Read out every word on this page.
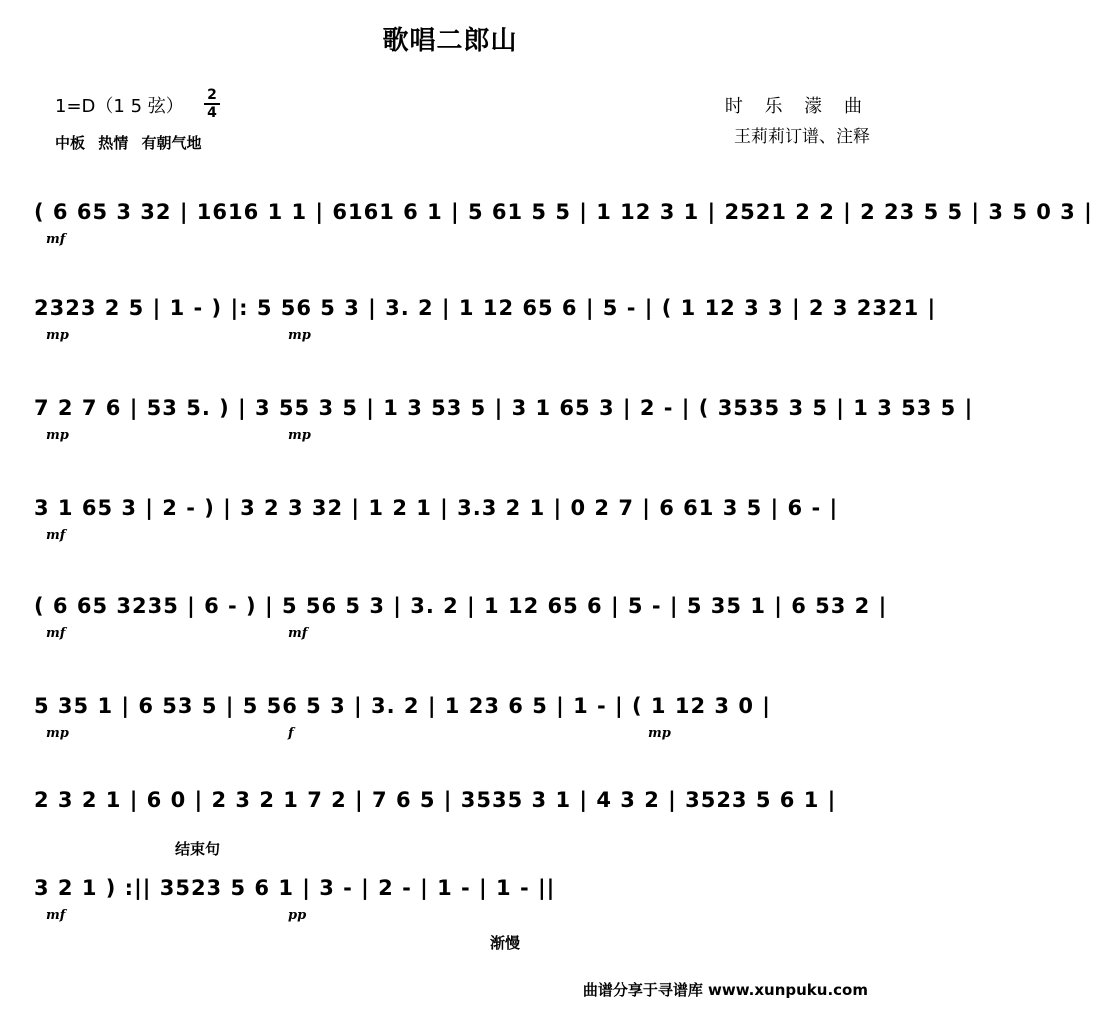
歌唱二郎山
1=D（1 5 弦）
2
4
中板 热情 有朝气地
时 乐 濛 曲
王莉莉订谱、注释
( 6 65 3 32 | 1616 1 1 | 6161 6 1 | 5 61 5 5 | 1 12 3 1 | 2521 2 2 | 2 23 5 5 | 3 5 0 3 |
mf
2323 2 5 | 1 - ) |: 5 56 5 3 | 3. 2 | 1 12 65 6 | 5 - | ( 1 12 3 3 | 2 3 2321 |
mp	mp
7 2 7 6 | 53 5. ) | 3 55 3 5 | 1 3 53 5 | 3 1 65 3 | 2 - | ( 3535 3 5 | 1 3 53 5 |
mp	mp
3 1 65 3 | 2 - ) | 3 2 3 32 | 1 2 1 | 3.3 2 1 | 0 2 7 | 6 61 3 5 | 6 - |
mf
( 6 65 3235 | 6 - ) | 5 56 5 3 | 3. 2 | 1 12 65 6 | 5 - | 5 35 1 | 6 53 2 |
mf	mf
5 35 1 | 6 53 5 | 5 56 5 3 | 3. 2 | 1 23 6 5 | 1 - | ( 1 12 3 0 |
mp	f	mp
2 3 2 1 | 6 0 | 2 3 2 1 7 2 | 7 6 5 | 3535 3 1 | 4 3 2 | 3523 5 6 1 |
3 2 1 ) :|| 3523 5 6 1 | 3 - | 2 - | 1 - | 1 - ||
mf	pp
结束句
渐慢
曲谱分享于寻谱库 www.xunpuku.com
